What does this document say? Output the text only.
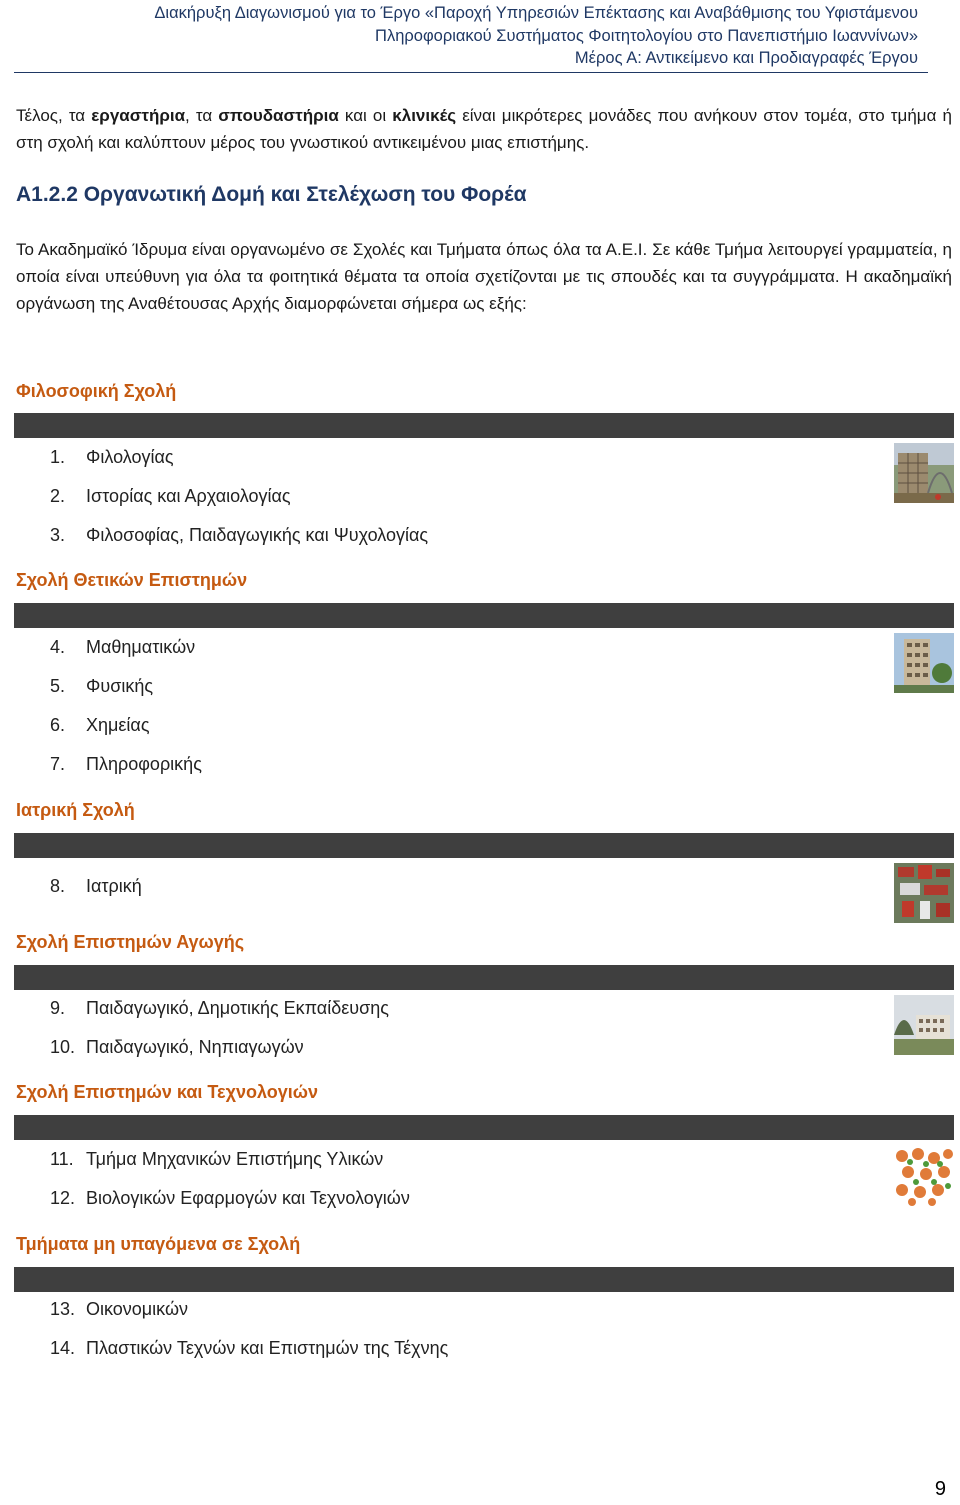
Διακήρυξη Διαγωνισμού για το Έργο «Παροχή Υπηρεσιών Επέκτασης και Αναβάθμισης του Υφιστάμενου
Πληροφοριακού Συστήματος Φοιτητολογίου στο Πανεπιστήμιο Ιωαννίνων»
Μέρος Α: Αντικείμενο και Προδιαγραφές Έργου
Τέλος, τα εργαστήρια, τα σπουδαστήρια και οι κλινικές είναι μικρότερες μονάδες που ανήκουν στον τομέα, στο τμήμα ή στη σχολή και καλύπτουν μέρος του γνωστικού αντικειμένου μιας επιστήμης.
Α1.2.2 Οργανωτική Δομή και Στελέχωση του Φορέα
Το Ακαδημαϊκό Ίδρυμα είναι οργανωμένο σε Σχολές και Τμήματα όπως όλα τα Α.Ε.Ι. Σε κάθε Τμήμα λειτουργεί γραμματεία, η οποία είναι υπεύθυνη για όλα τα φοιτητικά θέματα τα οποία σχετίζονται με τις σπουδές και τα συγγράμματα. Η ακαδημαϊκή οργάνωση της Αναθέτουσας Αρχής διαμορφώνεται σήμερα ως εξής:
Φιλοσοφική Σχολή
1. Φιλολογίας
2. Ιστορίας και Αρχαιολογίας
3. Φιλοσοφίας, Παιδαγωγικής και Ψυχολογίας
Σχολή Θετικών Επιστημών
4. Μαθηματικών
5. Φυσικής
6. Χημείας
7. Πληροφορικής
Ιατρική Σχολή
8. Ιατρική
Σχολή Επιστημών Αγωγής
9. Παιδαγωγικό, Δημοτικής Εκπαίδευσης
10. Παιδαγωγικό, Νηπιαγωγών
Σχολή Επιστημών και Τεχνολογιών
11. Τμήμα Μηχανικών Επιστήμης Υλικών
12. Βιολογικών Εφαρμογών και Τεχνολογιών
Τμήματα μη υπαγόμενα σε Σχολή
13. Οικονομικών
14. Πλαστικών Τεχνών και Επιστημών της Τέχνης
9
